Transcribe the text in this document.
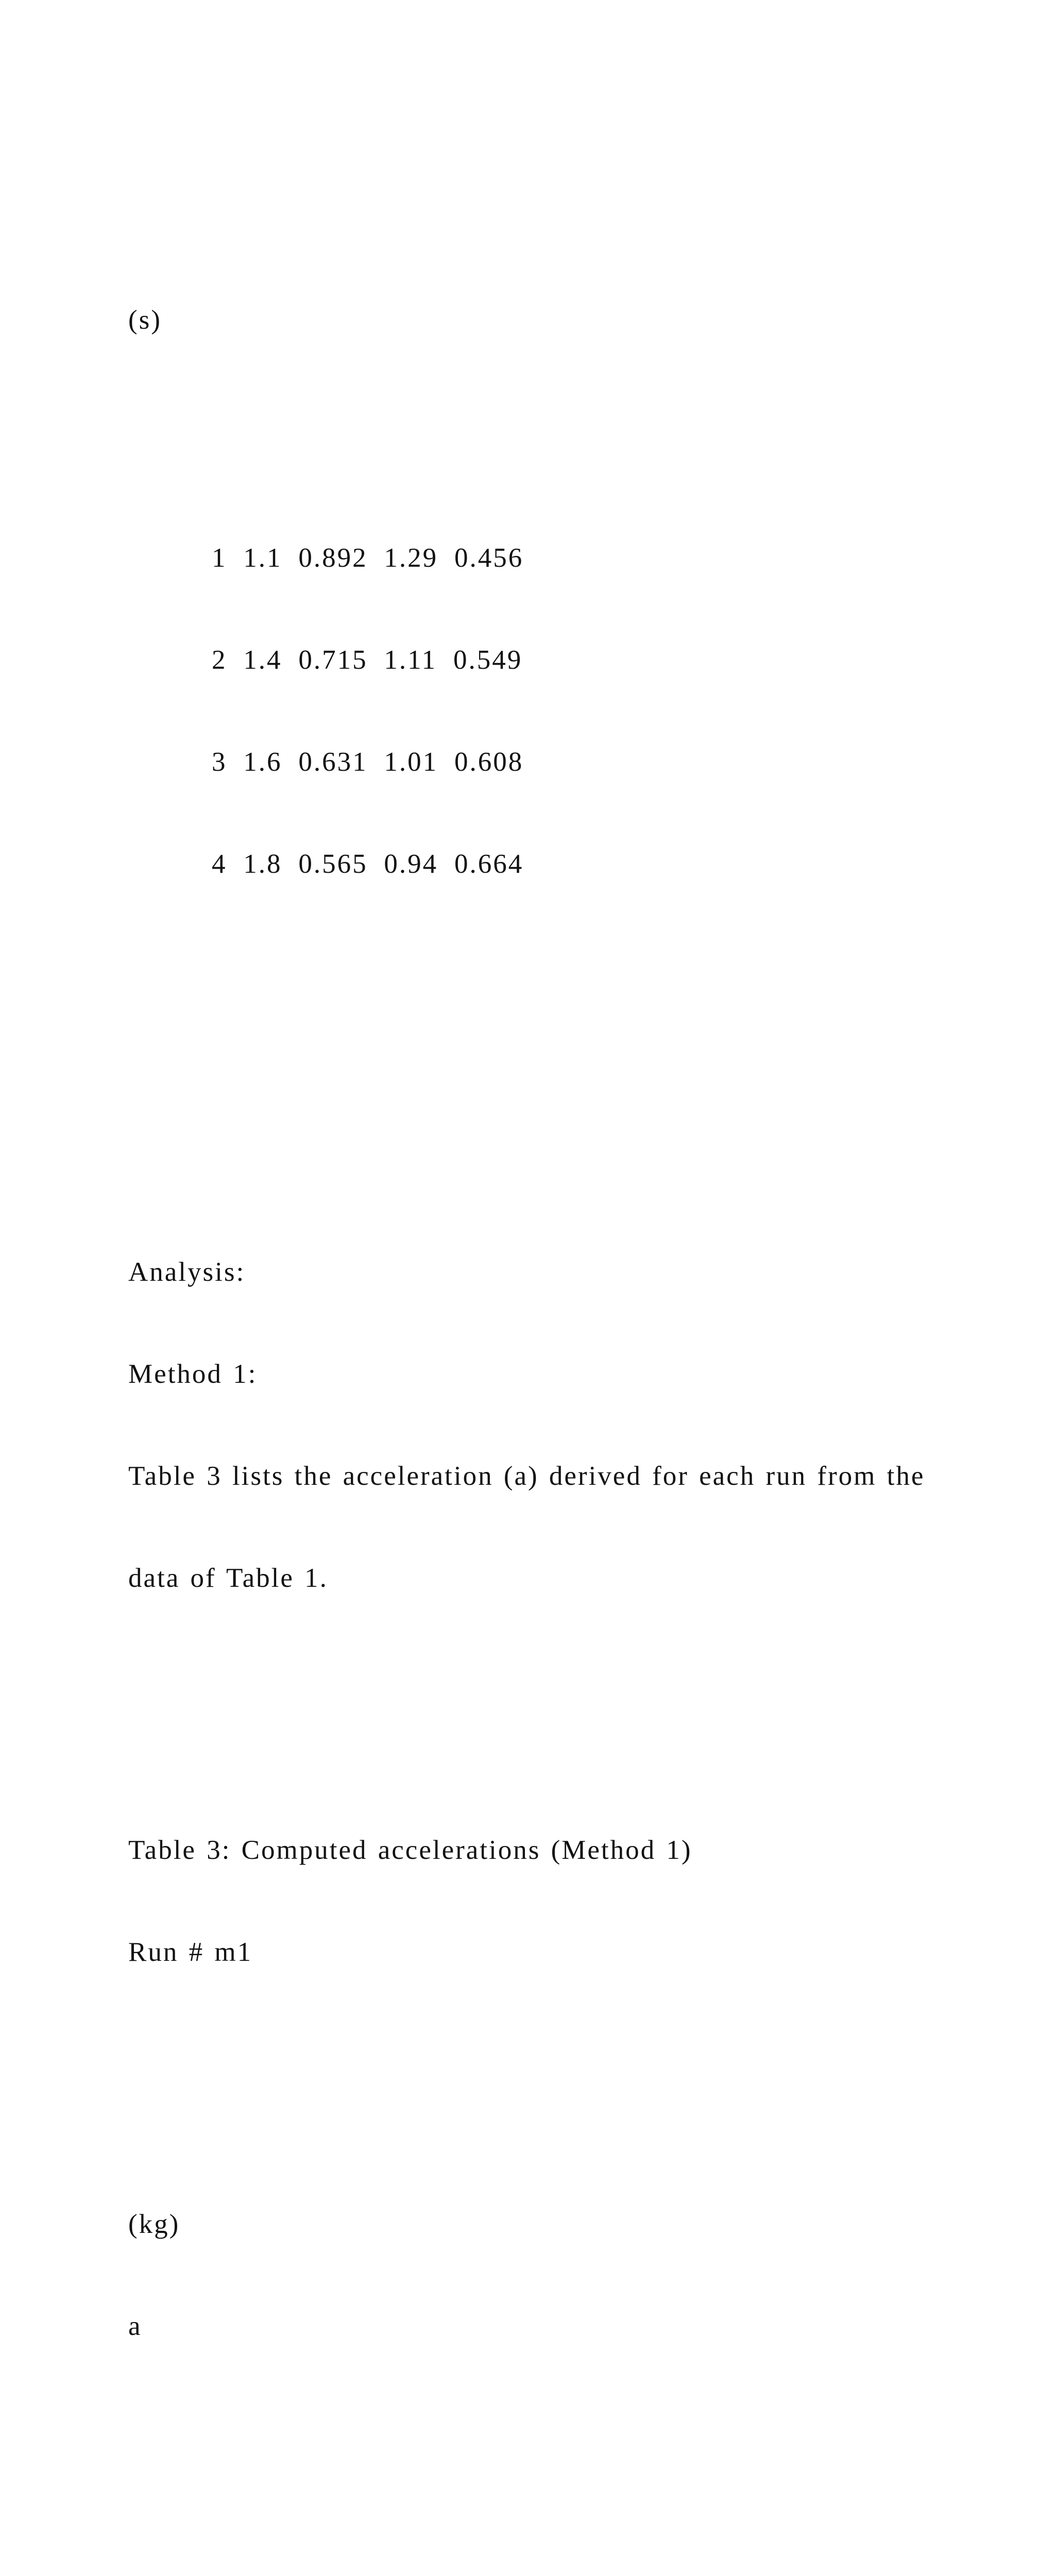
(s)

1 1.1 0.892 1.29 0.456

2 1.4 0.715 1.11 0.549

3 1.6 0.631 1.01 0.608

4 1.8 0.565 0.94 0.664

Analysis:

Method 1:

Table 3 lists the acceleration (a) derived for each run from the

data of Table 1.

Table 3: Computed accelerations (Method 1)

Run # m1

(kg)

a
